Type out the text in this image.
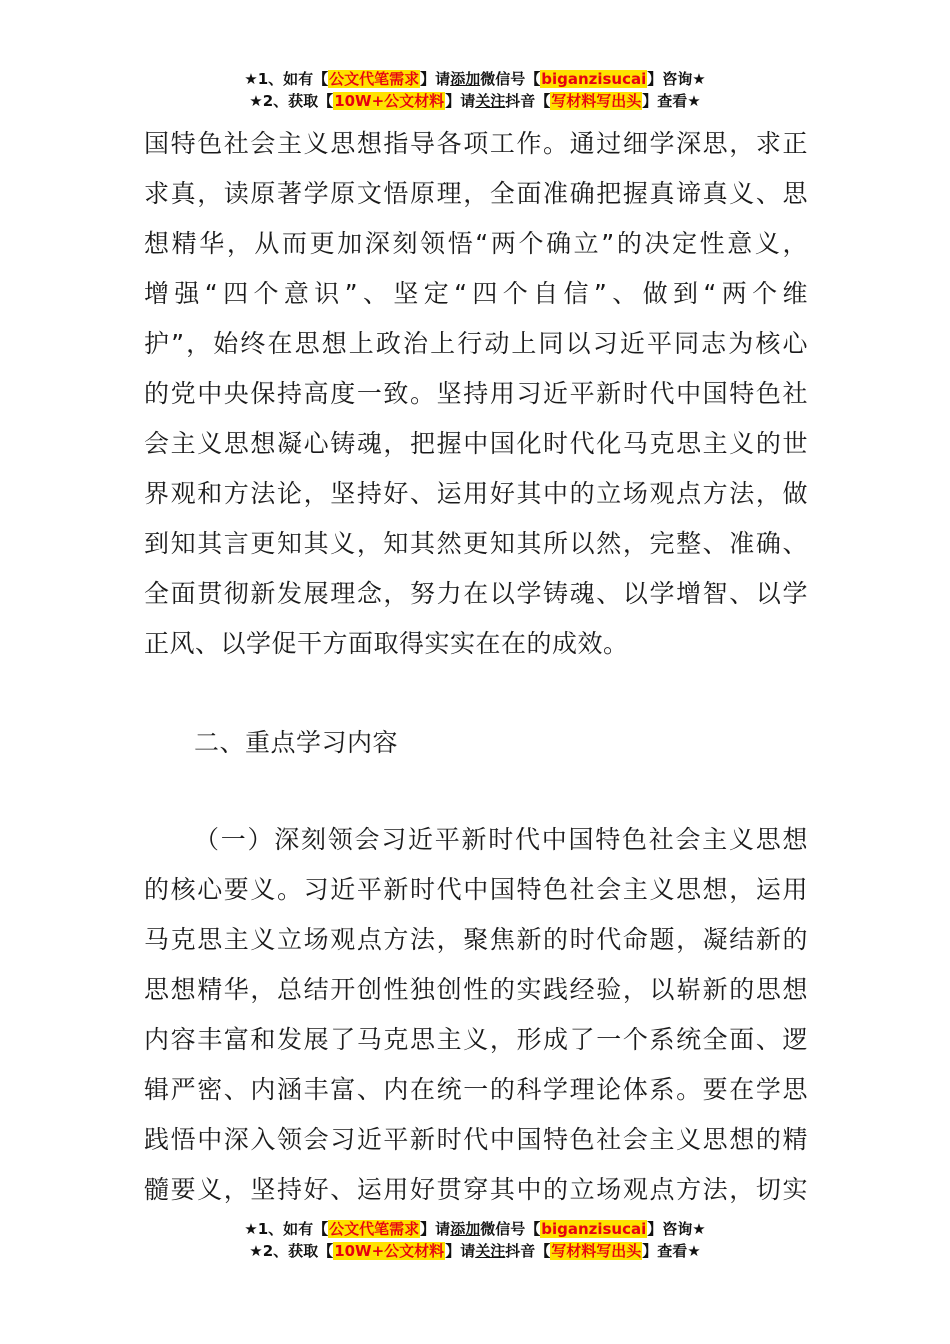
★1、如有【公文代笔需求】请添加微信号【biganzisucai】咨询★
★2、获取【10W+公文材料】请关注抖音【写材料写出头】查看★
国特色社会主义思想指导各项工作。通过细学深思，求正
求真，读原著学原文悟原理，全面准确把握真谛真义、思
想精华，从而更加深刻领悟“两个确立”的决定性意义，
增强“四个意识”、坚定“四个自信”、做到“两个维
护”，始终在思想上政治上行动上同以习近平同志为核心
的党中央保持高度一致。坚持用习近平新时代中国特色社
会主义思想凝心铸魂，把握中国化时代化马克思主义的世
界观和方法论，坚持好、运用好其中的立场观点方法，做
到知其言更知其义，知其然更知其所以然，完整、准确、
全面贯彻新发展理念，努力在以学铸魂、以学增智、以学
正风、以学促干方面取得实实在在的成效。
二、重点学习内容
（一）深刻领会习近平新时代中国特色社会主义思想
的核心要义。习近平新时代中国特色社会主义思想，运用
马克思主义立场观点方法，聚焦新的时代命题，凝结新的
思想精华，总结开创性独创性的实践经验，以崭新的思想
内容丰富和发展了马克思主义，形成了一个系统全面、逻
辑严密、内涵丰富、内在统一的科学理论体系。要在学思
践悟中深入领会习近平新时代中国特色社会主义思想的精
髓要义，坚持好、运用好贯穿其中的立场观点方法，切实
★1、如有【公文代笔需求】请添加微信号【biganzisucai】咨询★
★2、获取【10W+公文材料】请关注抖音【写材料写出头】查看★
